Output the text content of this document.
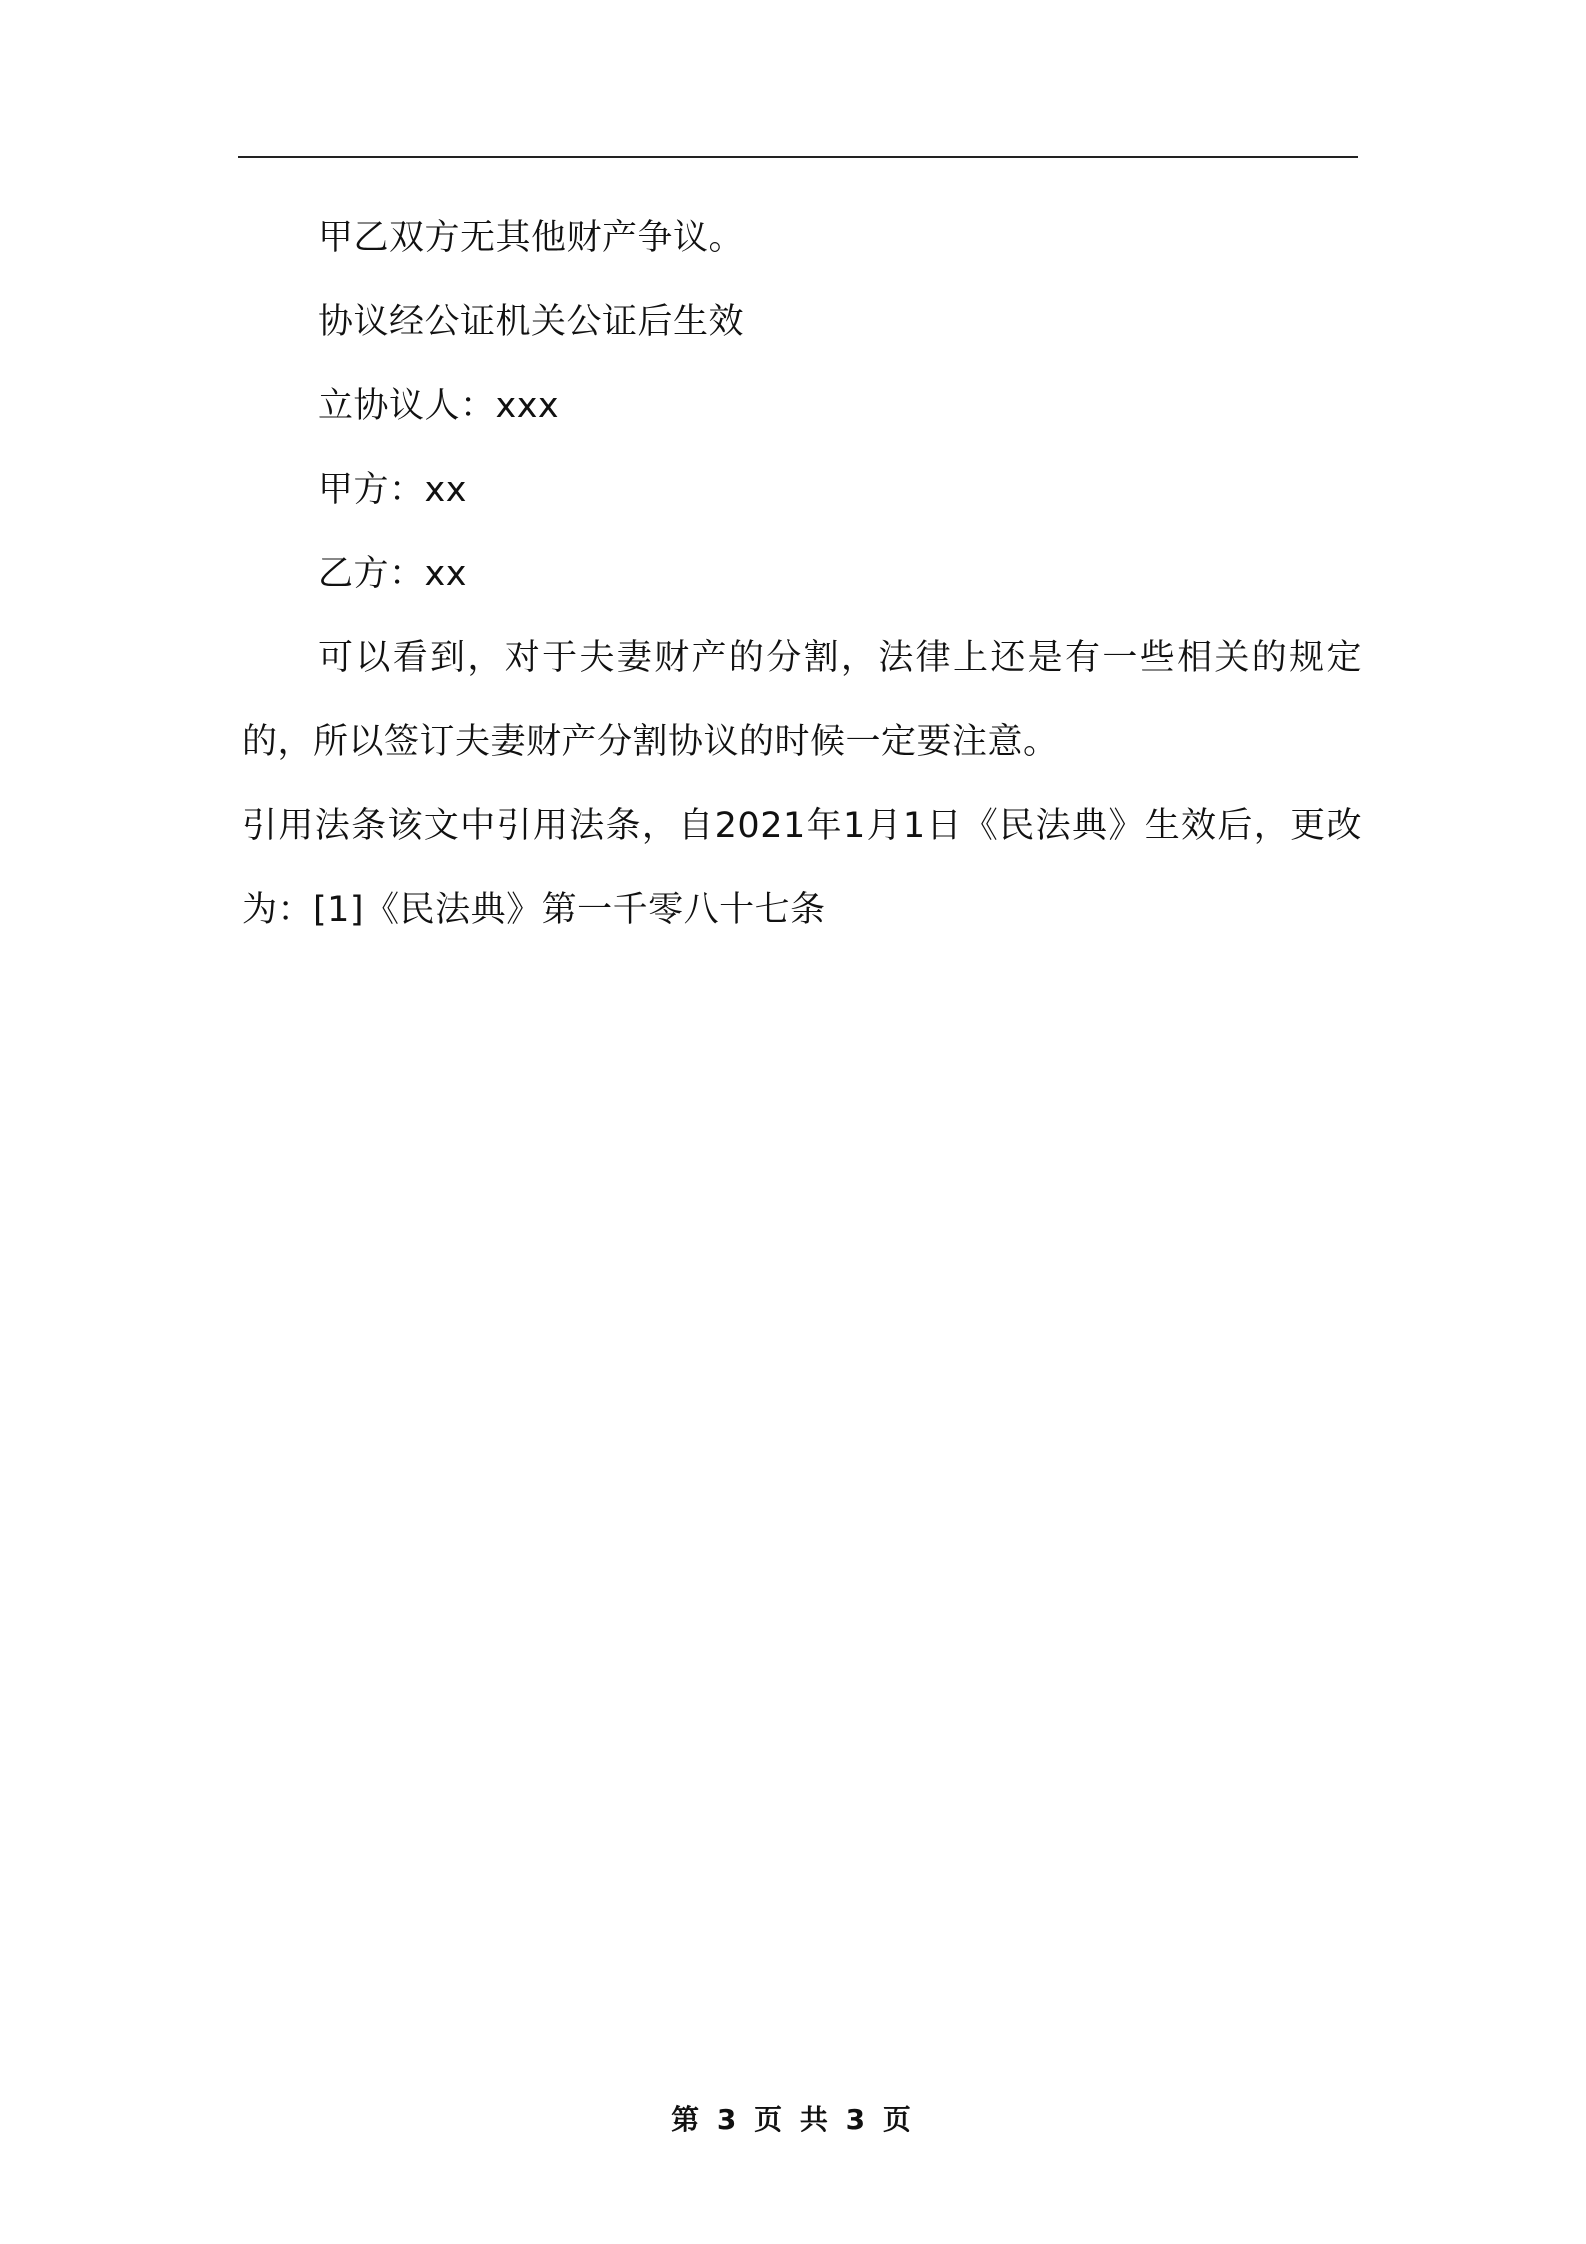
甲乙双方无其他财产争议。

协议经公证机关公证后生效

立协议人：xxx

甲方：xx

乙方：xx

可以看到，对于夫妻财产的分割，法律上还是有一些相关的规定的，所以签订夫妻财产分割协议的时候一定要注意。

引用法条该文中引用法条，自2021年1月1日《民法典》生效后，更改为：[1]《民法典》第一千零八十七条

第 3 页 共 3 页
